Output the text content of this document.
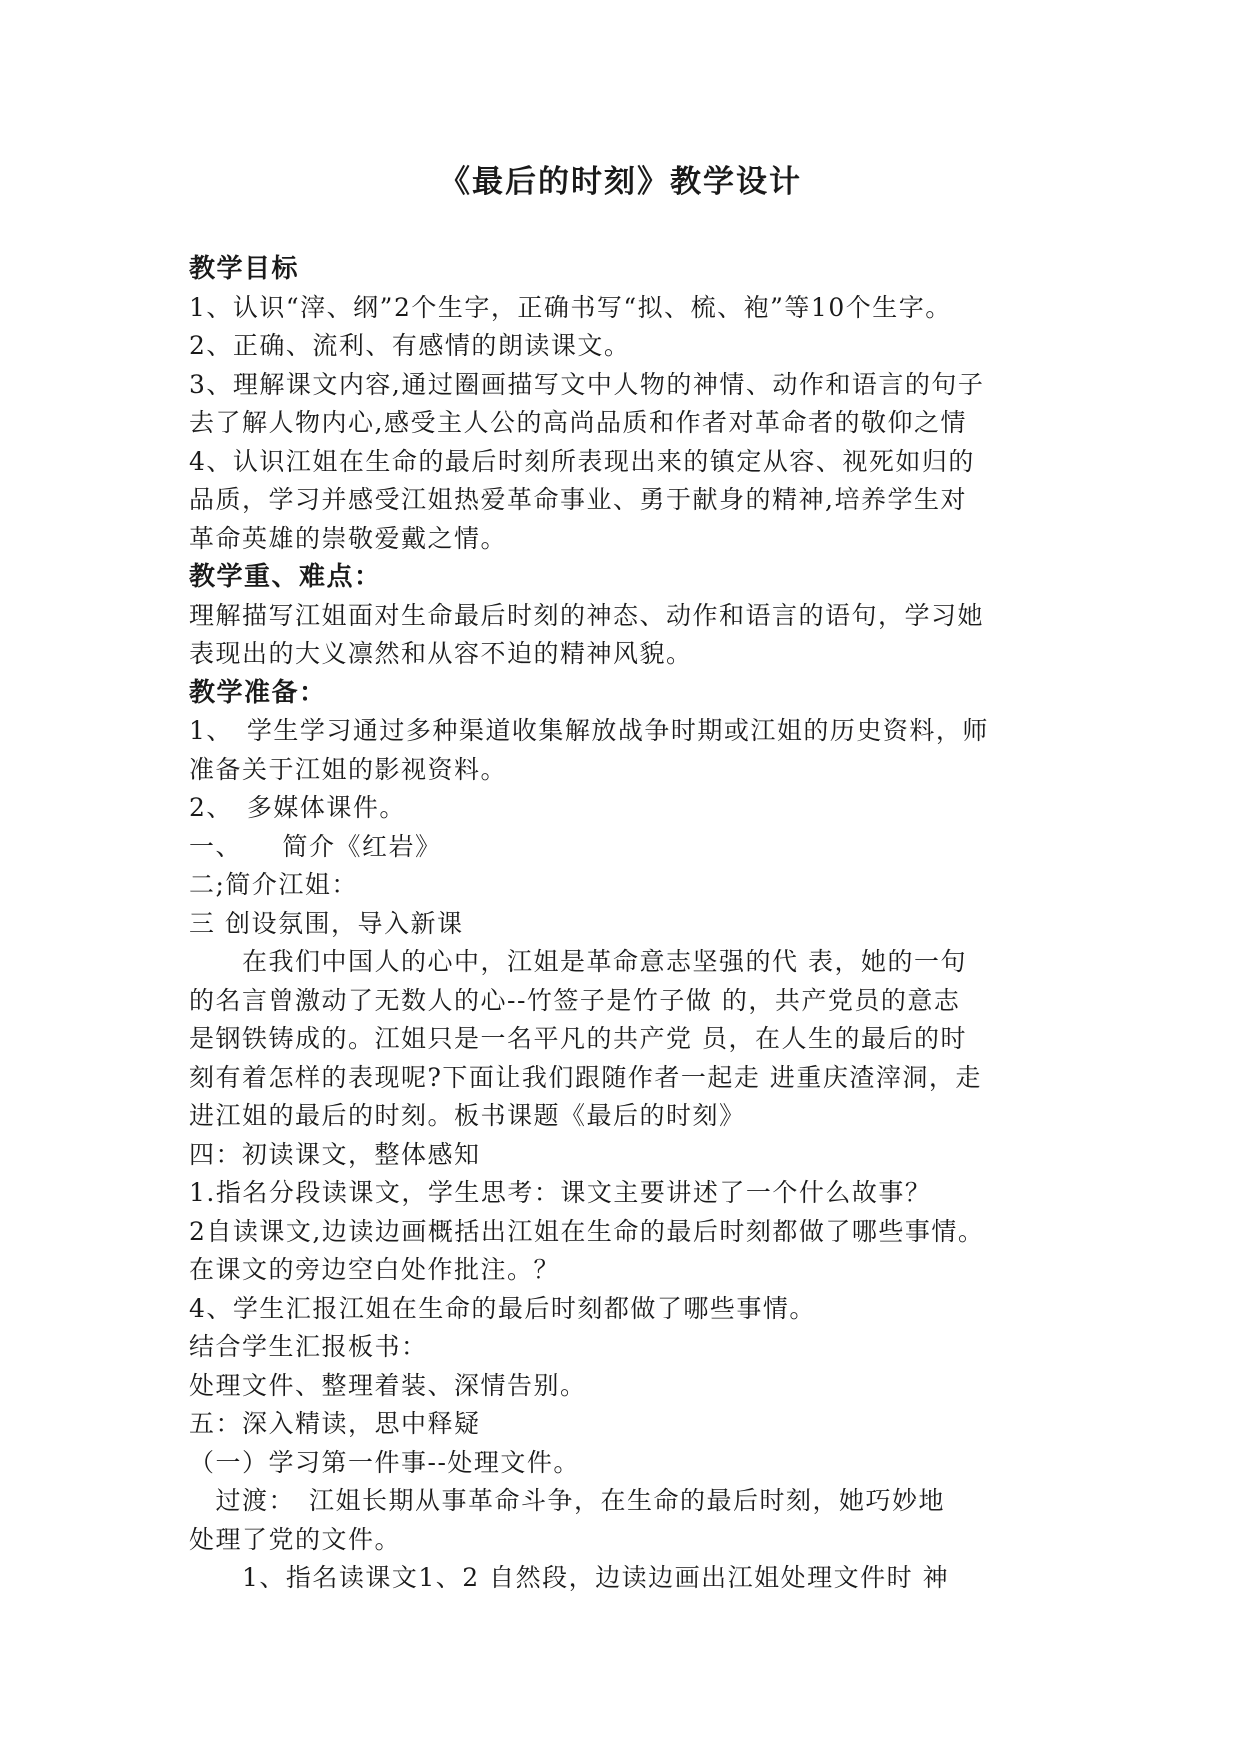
《最后的时刻》教学设计
教学目标
1、认识“滓、纲”2个生字，正确书写“拟、梳、袍”等10个生字。
2、正确、流利、有感情的朗读课文。
3、理解课文内容,通过圈画描写文中人物的神情、动作和语言的句子
去了解人物内心,感受主人公的高尚品质和作者对革命者的敬仰之情
4、认识江姐在生命的最后时刻所表现出来的镇定从容、视死如归的
品质，学习并感受江姐热爱革命事业、勇于献身的精神,培养学生对
革命英雄的崇敬爱戴之情。
教学重、难点：
理解描写江姐面对生命最后时刻的神态、动作和语言的语句，学习她
表现出的大义凛然和从容不迫的精神风貌。
教学准备：
1、　学生学习通过多种渠道收集解放战争时期或江姐的历史资料，师
准备关于江姐的影视资料。
2、　多媒体课件。
一、　　简介《红岩》
二;简介江姐：
三 创设氛围，导入新课
　　在我们中国人的心中，江姐是革命意志坚强的代 表，她的一句
的名言曾激动了无数人的心--竹签子是竹子做 的，共产党员的意志
是钢铁铸成的。江姐只是一名平凡的共产党 员，在人生的最后的时
刻有着怎样的表现呢?下面让我们跟随作者一起走 进重庆渣滓洞，走
进江姐的最后的时刻。板书课题《最后的时刻》
四：初读课文，整体感知
1.指名分段读课文，学生思考：课文主要讲述了一个什么故事？
2自读课文,边读边画概括出江姐在生命的最后时刻都做了哪些事情。
在课文的旁边空白处作批注。？
4、学生汇报江姐在生命的最后时刻都做了哪些事情。
结合学生汇报板书：
处理文件、整理着装、深情告别。
五：深入精读，思中释疑
（一）学习第一件事--处理文件。
　过渡：　江姐长期从事革命斗争，在生命的最后时刻，她巧妙地
处理了党的文件。
　　1、指名读课文1、2 自然段，边读边画出江姐处理文件时 神
